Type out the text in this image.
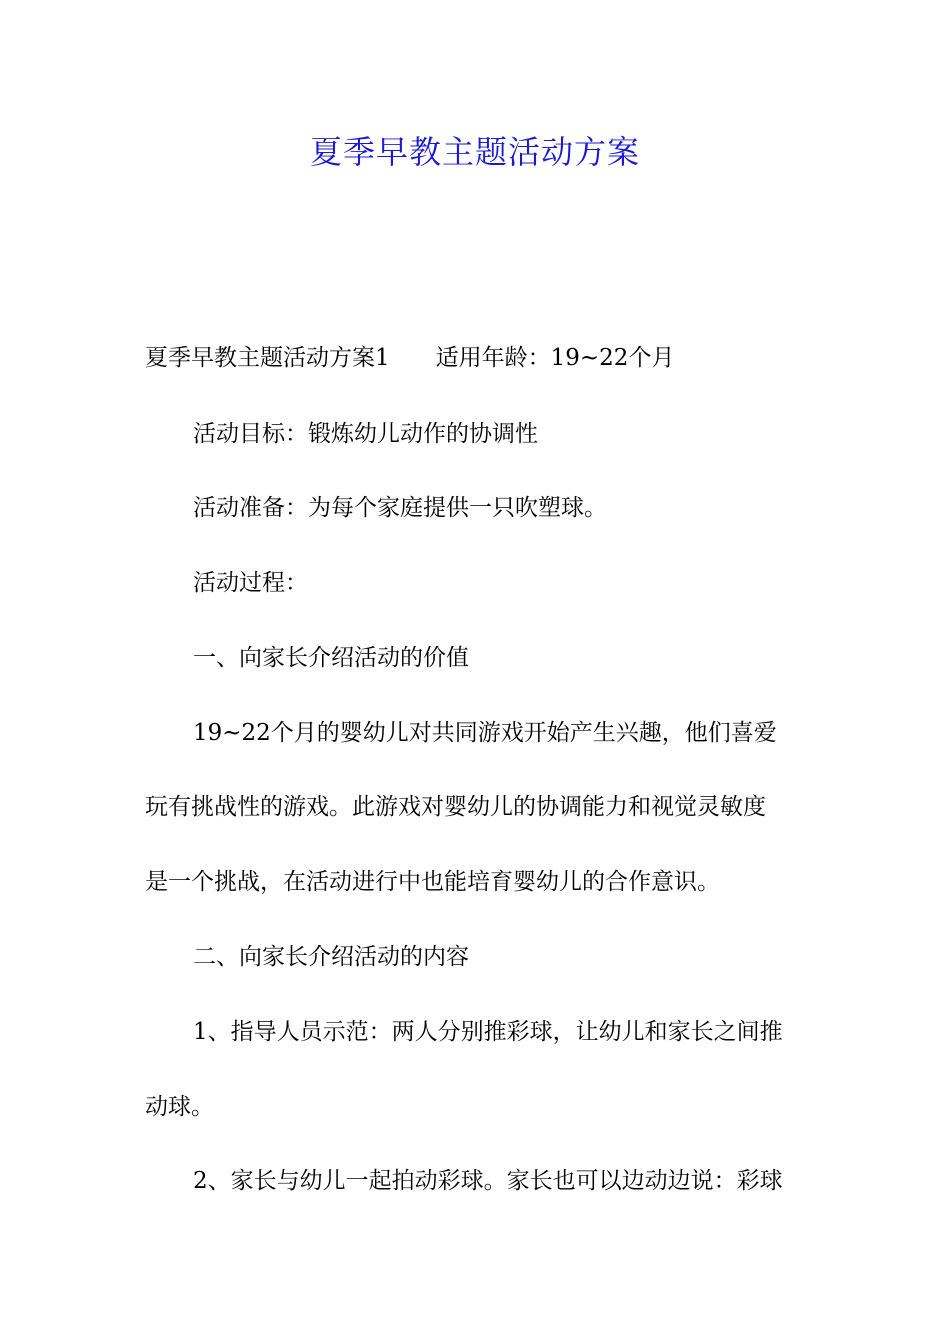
夏季早教主题活动方案
夏季早教主题活动方案1 适用年龄：19~22个月
活动目标：锻炼幼儿动作的协调性
活动准备：为每个家庭提供一只吹塑球。
活动过程：
一、向家长介绍活动的价值
19~22个月的婴幼儿对共同游戏开始产生兴趣，他们喜爱
玩有挑战性的游戏。此游戏对婴幼儿的协调能力和视觉灵敏度
是一个挑战，在活动进行中也能培育婴幼儿的合作意识。
二、向家长介绍活动的内容
1、指导人员示范：两人分别推彩球，让幼儿和家长之间推
动球。
2、家长与幼儿一起拍动彩球。家长也可以边动边说：彩球
